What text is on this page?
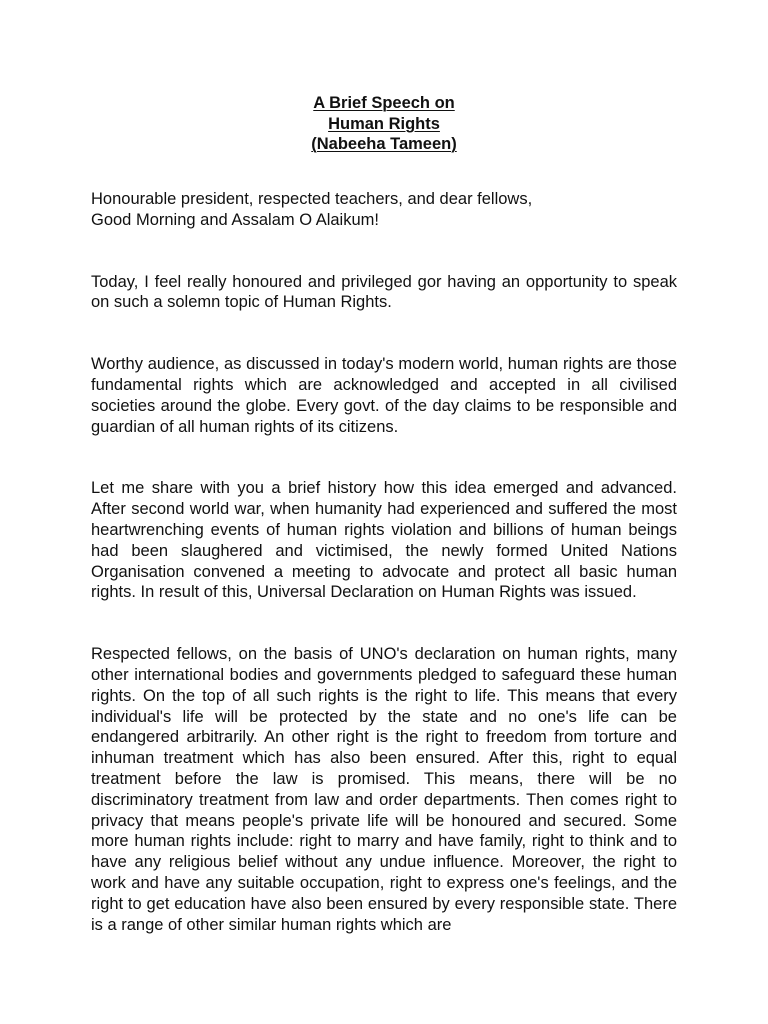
A Brief Speech on
Human Rights
(Nabeeha Tameen)
Honourable president, respected teachers, and dear fellows,
Good Morning and Assalam O Alaikum!

Today, I feel really honoured and privileged gor having an opportunity to speak on such a solemn topic of Human Rights.

Worthy audience, as discussed in today's modern world, human rights are those fundamental rights which are acknowledged and accepted in all civilised societies around the globe. Every govt. of the day claims to be responsible and guardian of all human rights of its citizens.

Let me share with you a brief history how this idea emerged and advanced. After second world war, when humanity had experienced and suffered the most heartwrenching events of human rights violation and billions of human beings had been slaughered and victimised, the newly formed United Nations Organisation convened a meeting to advocate and protect all basic human rights. In result of this, Universal Declaration on Human Rights was issued.

Respected fellows, on the basis of UNO's declaration on human rights, many other international bodies and governments pledged to safeguard these human rights. On the top of all such rights is the right to life. This means that every individual's life will be protected by the state and no one's life can be endangered arbitrarily. An other right is the right to freedom from torture and inhuman treatment which has also been ensured. After this, right to equal treatment before the law is promised. This means, there will be no discriminatory treatment from law and order departments. Then comes right to privacy that means people's private life will be honoured and secured. Some more human rights include: right to marry and have family, right to think and to have any religious belief without any undue influence. Moreover, the right to work and have any suitable occupation, right to express one's feelings, and the right to get education have also been ensured by every responsible state. There is a range of other similar human rights which are
